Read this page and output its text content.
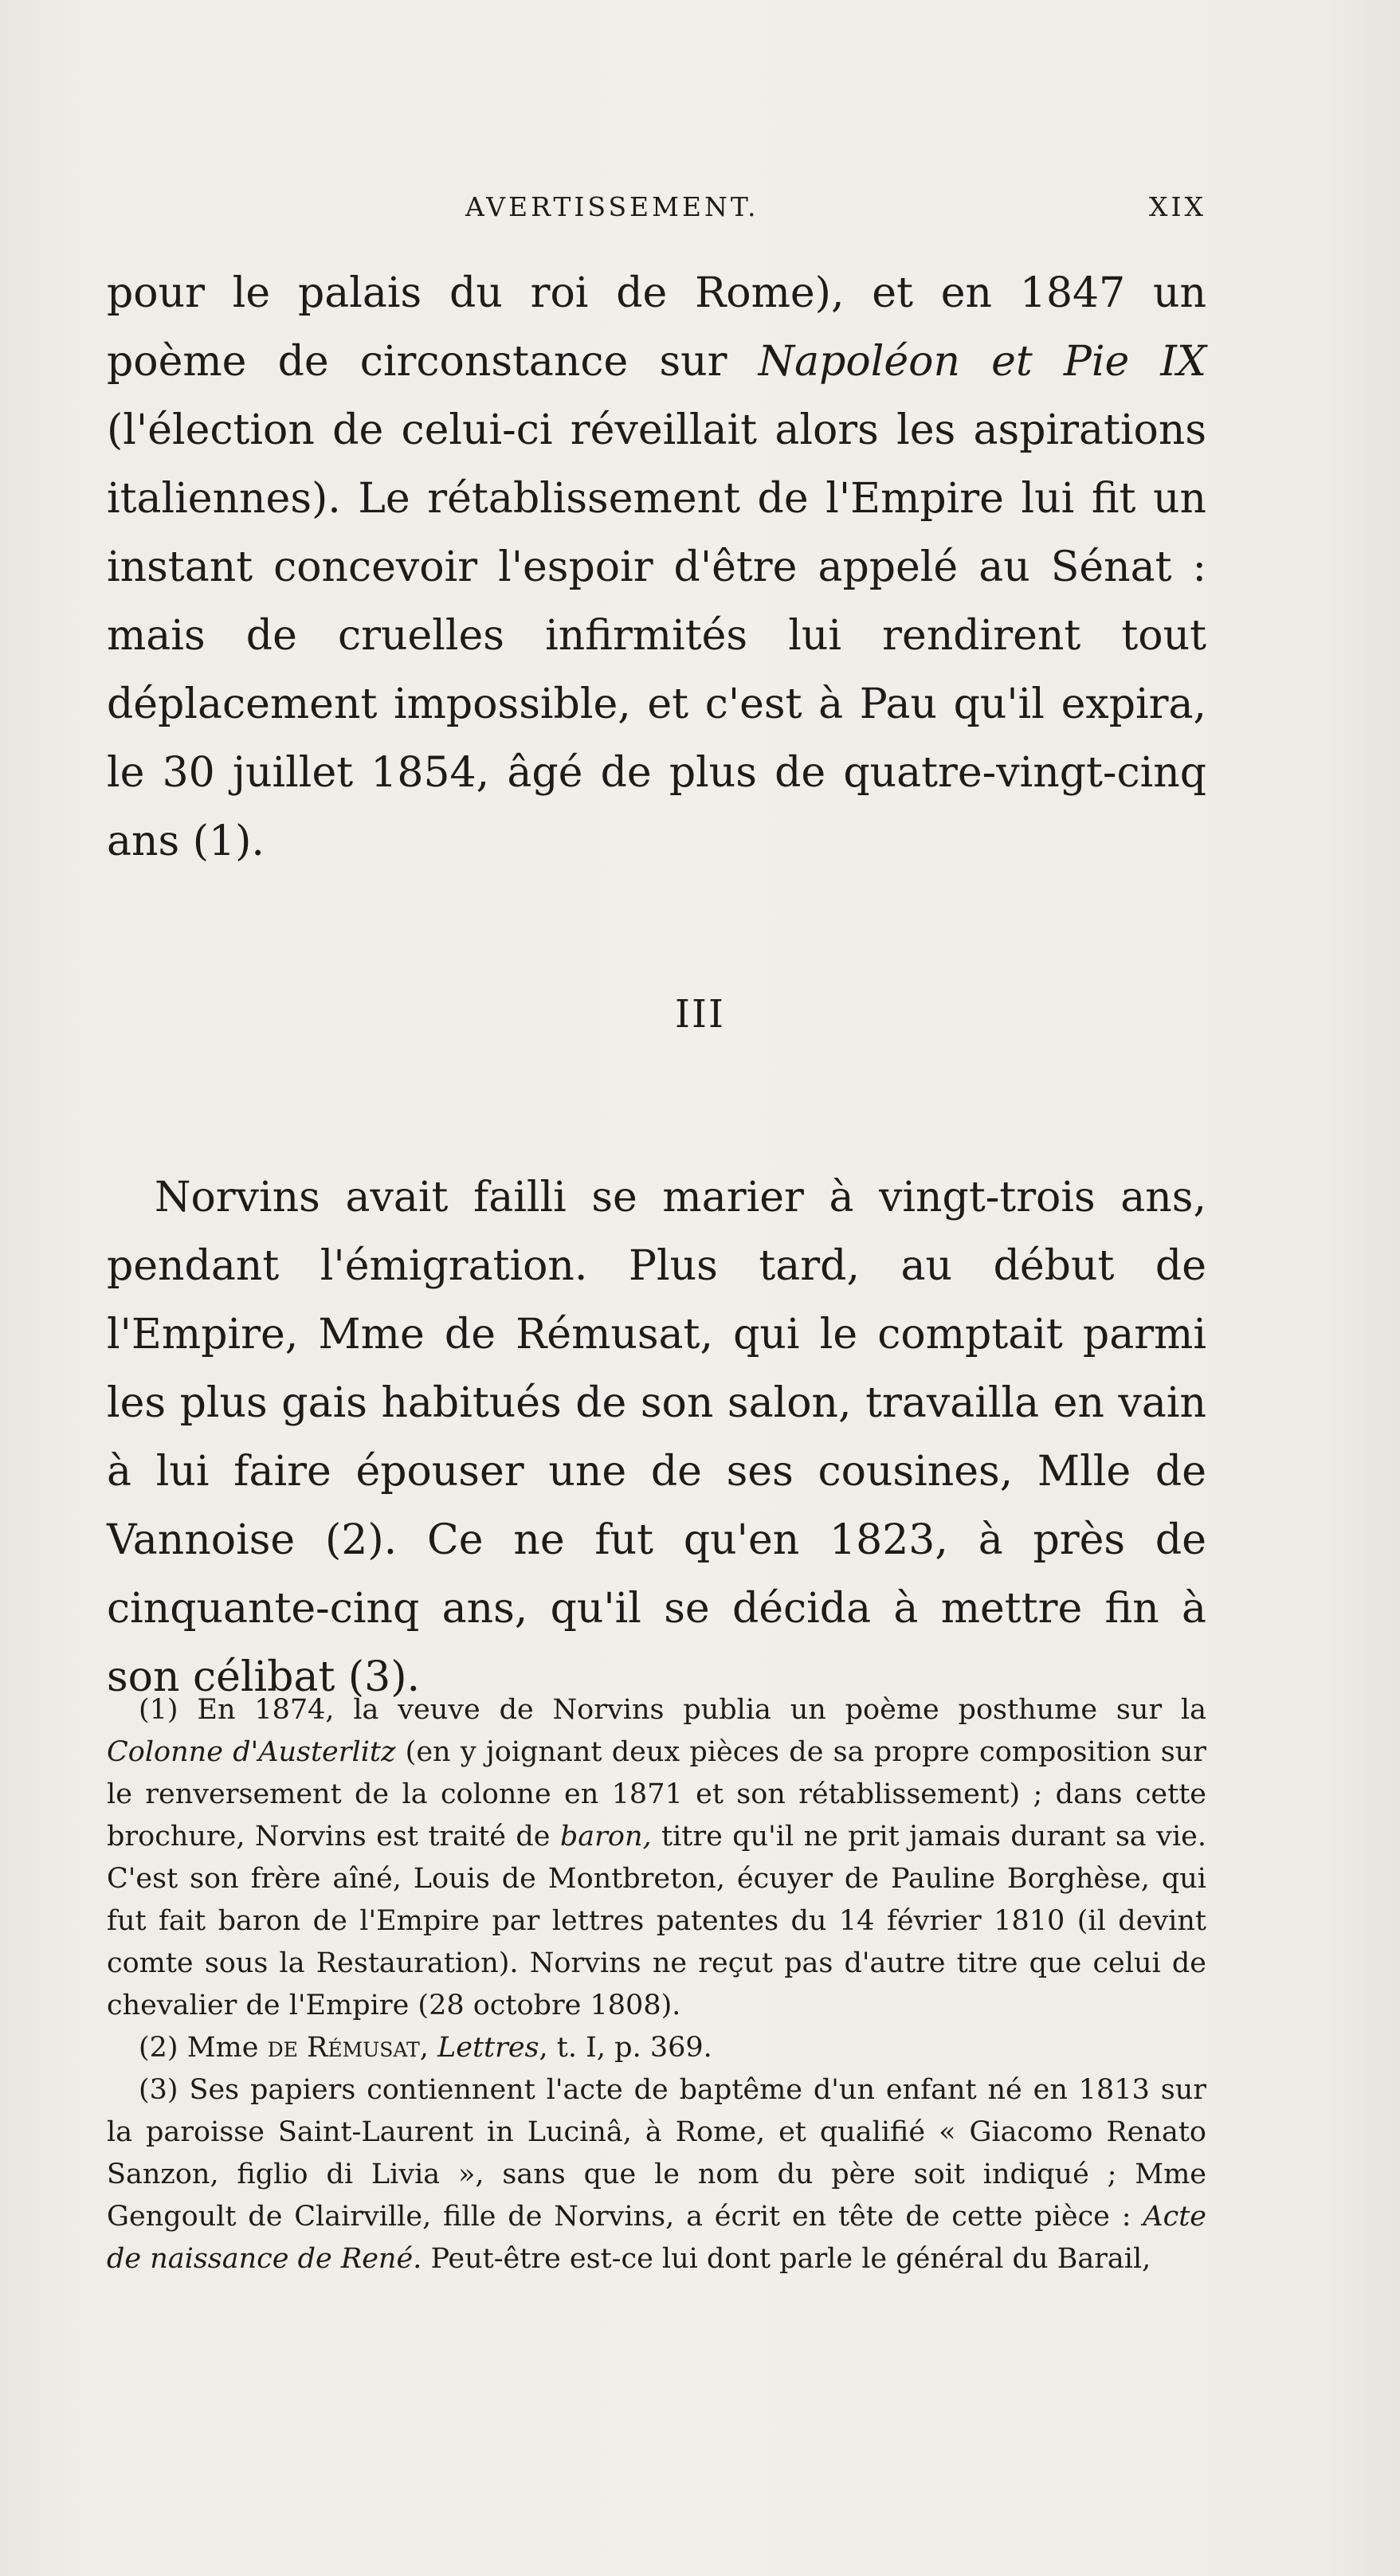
AVERTISSEMENT.	XIX
pour le palais du roi de Rome), et en 1847 un poème de circonstance sur Napoléon et Pie IX (l'élection de celui-ci réveillait alors les aspirations italiennes). Le rétablissement de l'Empire lui fit un instant concevoir l'espoir d'être appelé au Sénat : mais de cruelles infirmités lui rendirent tout déplacement impossible, et c'est à Pau qu'il expira, le 30 juillet 1854, âgé de plus de quatre-vingt-cinq ans (1).
III
Norvins avait failli se marier à vingt-trois ans, pendant l'émigration. Plus tard, au début de l'Empire, Mme de Rémusat, qui le comptait parmi les plus gais habitués de son salon, travailla en vain à lui faire épouser une de ses cousines, Mlle de Vannoise (2). Ce ne fut qu'en 1823, à près de cinquante-cinq ans, qu'il se décida à mettre fin à son célibat (3).

(1) En 1874, la veuve de Norvins publia un poème posthume sur la Colonne d'Austerlitz (en y joignant deux pièces de sa propre composition sur le renversement de la colonne en 1871 et son rétablissement) ; dans cette brochure, Norvins est traité de baron, titre qu'il ne prit jamais durant sa vie. C'est son frère aîné, Louis de Montbreton, écuyer de Pauline Borghèse, qui fut fait baron de l'Empire par lettres patentes du 14 février 1810 (il devint comte sous la Restauration). Norvins ne reçut pas d'autre titre que celui de chevalier de l'Empire (28 octobre 1808).

(2) Mme de Rémusat, Lettres, t. I, p. 369.

(3) Ses papiers contiennent l'acte de baptême d'un enfant né en 1813 sur la paroisse Saint-Laurent in Lucinâ, à Rome, et qualifié « Giacomo Renato Sanzon, figlio di Livia », sans que le nom du père soit indiqué ; Mme Gengoult de Clairville, fille de Norvins, a écrit en tête de cette pièce : Acte de naissance de René. Peut-être est-ce lui dont parle le général du Barail,
